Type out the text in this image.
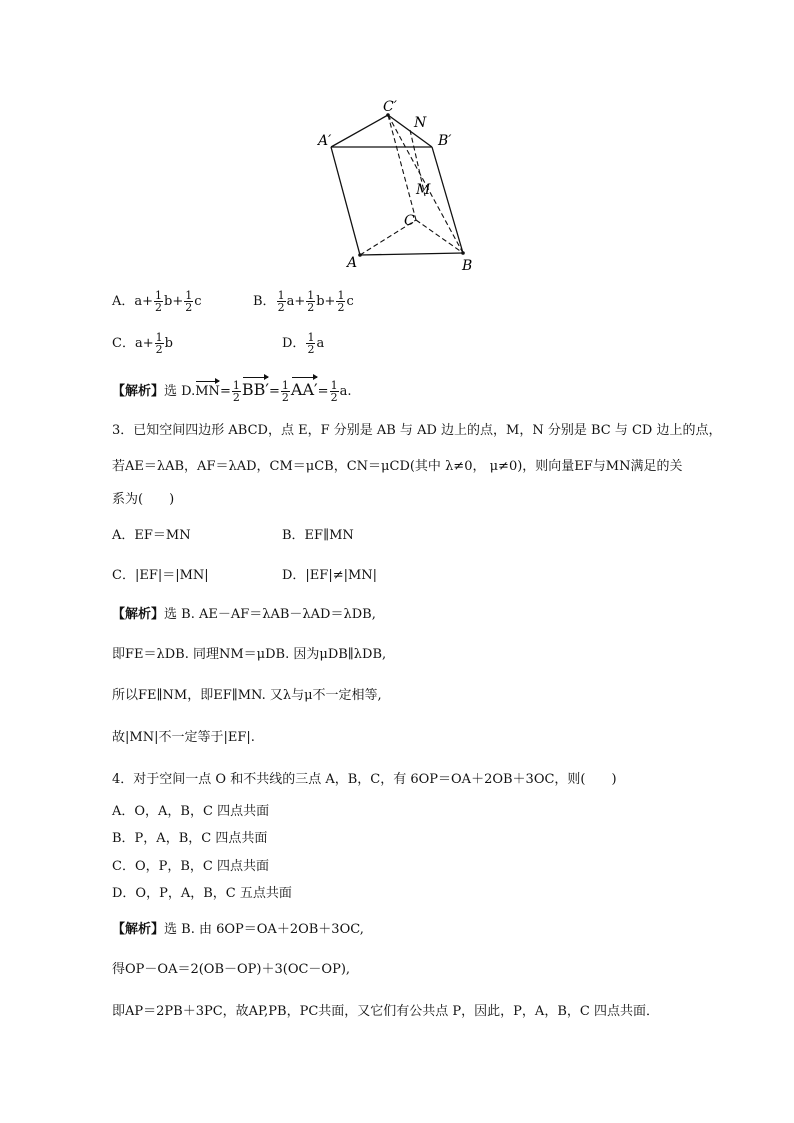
C′
N
A′	B′
M
C
A	B
A．$a+ \frac{1}{2} b+ \frac{1}{2}$ c	B． $\frac{1}{2} a+ \frac{1}{2} b+ \frac{1}{2}$ c
C．$a+ \frac{1}{2}$ b	D． $\frac{1}{2}$ a
【解析】选 $D.MN= \frac{1}{2} BB'= \frac{1}{2} AA'= \frac{1}{2} a$.
3．已知空间四边形 ABCD，点 E，F 分别是 AB 与 AD 边上的点，M，N 分别是 BC 与 CD 边上的点，
若AE＝λAB，AF＝λAD，CM＝μCB，CN＝μCD(其中 λ≠0， μ≠0)，则向量EF与MN满足的关
系为(　　)
A．EF＝MN	B．EF∥MN
C．|EF|＝|MN|	D．|EF|≠|MN|
【解析】选 B. AE－AF＝λAB－λAD＝λDB,
即FE＝λDB. 同理NM＝μDB. 因为μDB∥λDB,
所以FE∥NM，即EF∥MN. 又λ与μ不一定相等,
故|MN|不一定等于|EF|.
4．对于空间一点 O 和不共线的三点 A，B，C，有 6OP＝OA＋2OB＋3OC，则(　　)
A．O，A，B，C 四点共面
B．P，A，B，C 四点共面
C．O，P，B，C 四点共面
D．O，P，A，B，C 五点共面
【解析】选 B. 由 6OP＝OA＋2OB＋3OC,
得OP－OA＝2(OB－OP)＋3(OC－OP),
即AP＝2PB＋3PC，故AP,PB，PC共面，又它们有公共点 P，因此，P，A，B，C 四点共面．
